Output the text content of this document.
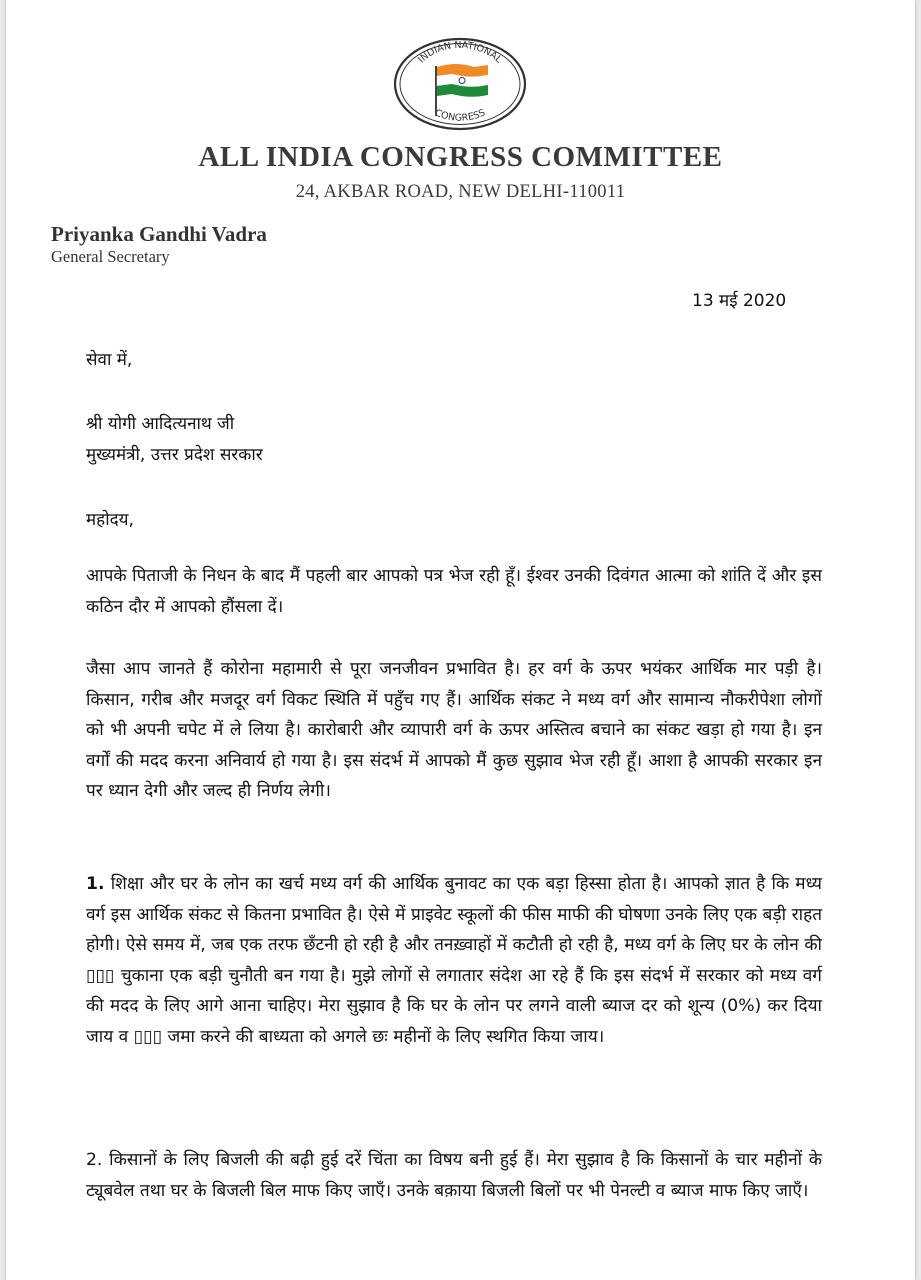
INDIAN NATIONAL
CONGRESS
ALL INDIA CONGRESS COMMITTEE
24, AKBAR ROAD, NEW DELHI-110011
Priyanka Gandhi Vadra
General Secretary
13 मई 2020
सेवा में,
श्री योगी आदित्यनाथ जी
मुख्यमंत्री, उत्तर प्रदेश सरकार
महोदय,

आपके पिताजी के निधन के बाद मैं पहली बार आपको पत्र भेज रही हूँ। ईश्वर उनकी दिवंगत आत्मा को शांति दें और इस कठिन दौर में आपको हौंसला दें।

जैसा आप जानते हैं कोरोना महामारी से पूरा जनजीवन प्रभावित है। हर वर्ग के ऊपर भयंकर आर्थिक मार पड़ी है। किसान, गरीब और मजदूर वर्ग विकट स्थिति में पहुँच गए हैं। आर्थिक संकट ने मध्य वर्ग और सामान्य नौकरीपेशा लोगों को भी अपनी चपेट में ले लिया है। कारोबारी और व्यापारी वर्ग के ऊपर अस्तित्व बचाने का संकट खड़ा हो गया है। इन वर्गों की मदद करना अनिवार्य हो गया है। इस संदर्भ में आपको मैं कुछ सुझाव भेज रही हूँ। आशा है आपकी सरकार इन पर ध्यान देगी और जल्द ही निर्णय लेगी।

1. शिक्षा और घर के लोन का खर्च मध्य वर्ग की आर्थिक बुनावट का एक बड़ा हिस्सा होता है। आपको ज्ञात है कि मध्य वर्ग इस आर्थिक संकट से कितना प्रभावित है। ऐसे में प्राइवेट स्कूलों की फीस माफी की घोषणा उनके लिए एक बड़ी राहत होगी। ऐसे समय में, जब एक तरफ छँटनी हो रही है और तनख़्वाहों में कटौती हो रही है, मध्य वर्ग के लिए घर के लोन की ▯▯▯ चुकाना एक बड़ी चुनौती बन गया है। मुझे लोगों से लगातार संदेश आ रहे हैं कि इस संदर्भ में सरकार को मध्य वर्ग की मदद के लिए आगे आना चाहिए। मेरा सुझाव है कि घर के लोन पर लगने वाली ब्याज दर को शून्य (0%) कर दिया जाय व ▯▯▯ जमा करने की बाध्यता को अगले छः महीनों के लिए स्थगित किया जाय।

2. किसानों के लिए बिजली की बढ़ी हुई दरें चिंता का विषय बनी हुई हैं। मेरा सुझाव है कि किसानों के चार महीनों के ट्यूबवेल तथा घर के बिजली बिल माफ किए जाएँ। उनके बक़ाया बिजली बिलों पर भी पेनल्टी व ब्याज माफ किए जाएँ।
